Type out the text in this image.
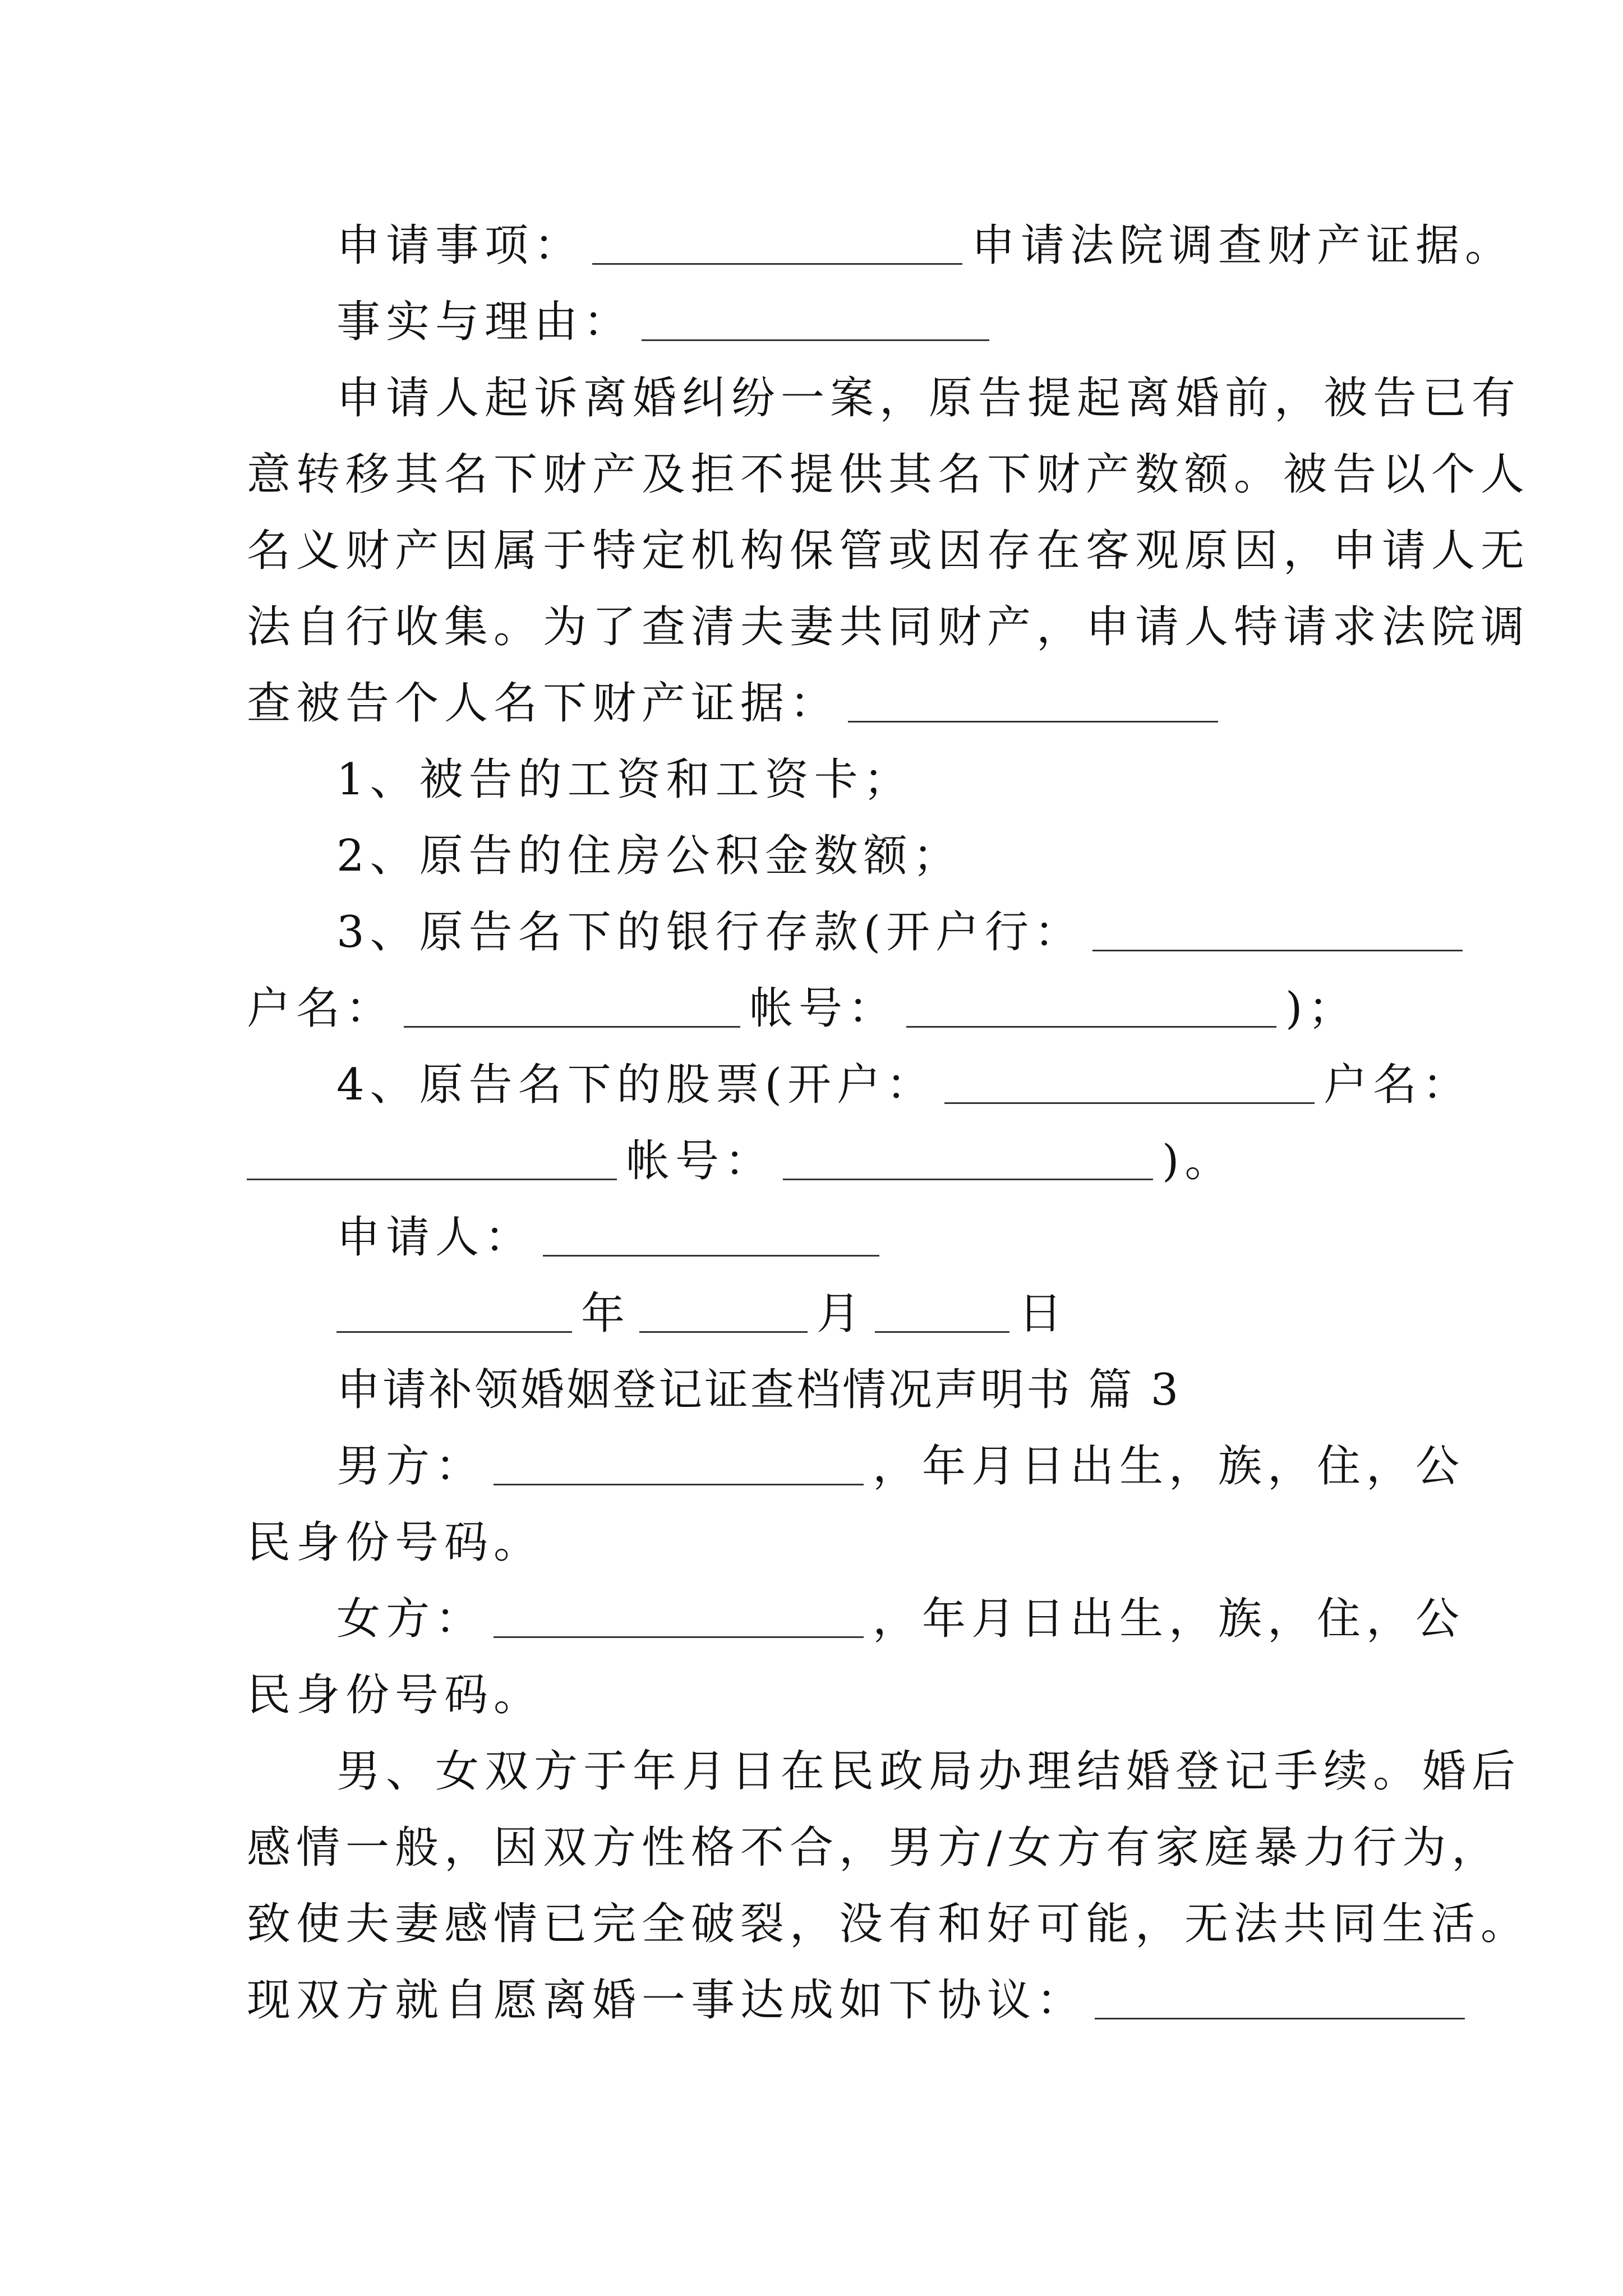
申请事项：	申请法院调查财产证据。
事实与理由：
申请人起诉离婚纠纷一案，原告提起离婚前，被告已有
意转移其名下财产及拒不提供其名下财产数额。被告以个人
名义财产因属于特定机构保管或因存在客观原因，申请人无
法自行收集。为了查清夫妻共同财产，申请人特请求法院调
查被告个人名下财产证据：
1、被告的工资和工资卡；
2、原告的住房公积金数额；
3、原告名下的银行存款(开户行：
户名：	帐号：	)；
4、原告名下的股票(开户：	户名：
帐号：	)。
申请人：
年	月	日
申请补领婚姻登记证查档情况声明书 篇 3
男方：	，年月日出生，族，住，公
民身份号码。
女方：	，年月日出生，族，住，公
民身份号码。
男、女双方于年月日在民政局办理结婚登记手续。婚后
感情一般，因双方性格不合，男方/女方有家庭暴力行为，
致使夫妻感情已完全破裂，没有和好可能，无法共同生活。
现双方就自愿离婚一事达成如下协议：
